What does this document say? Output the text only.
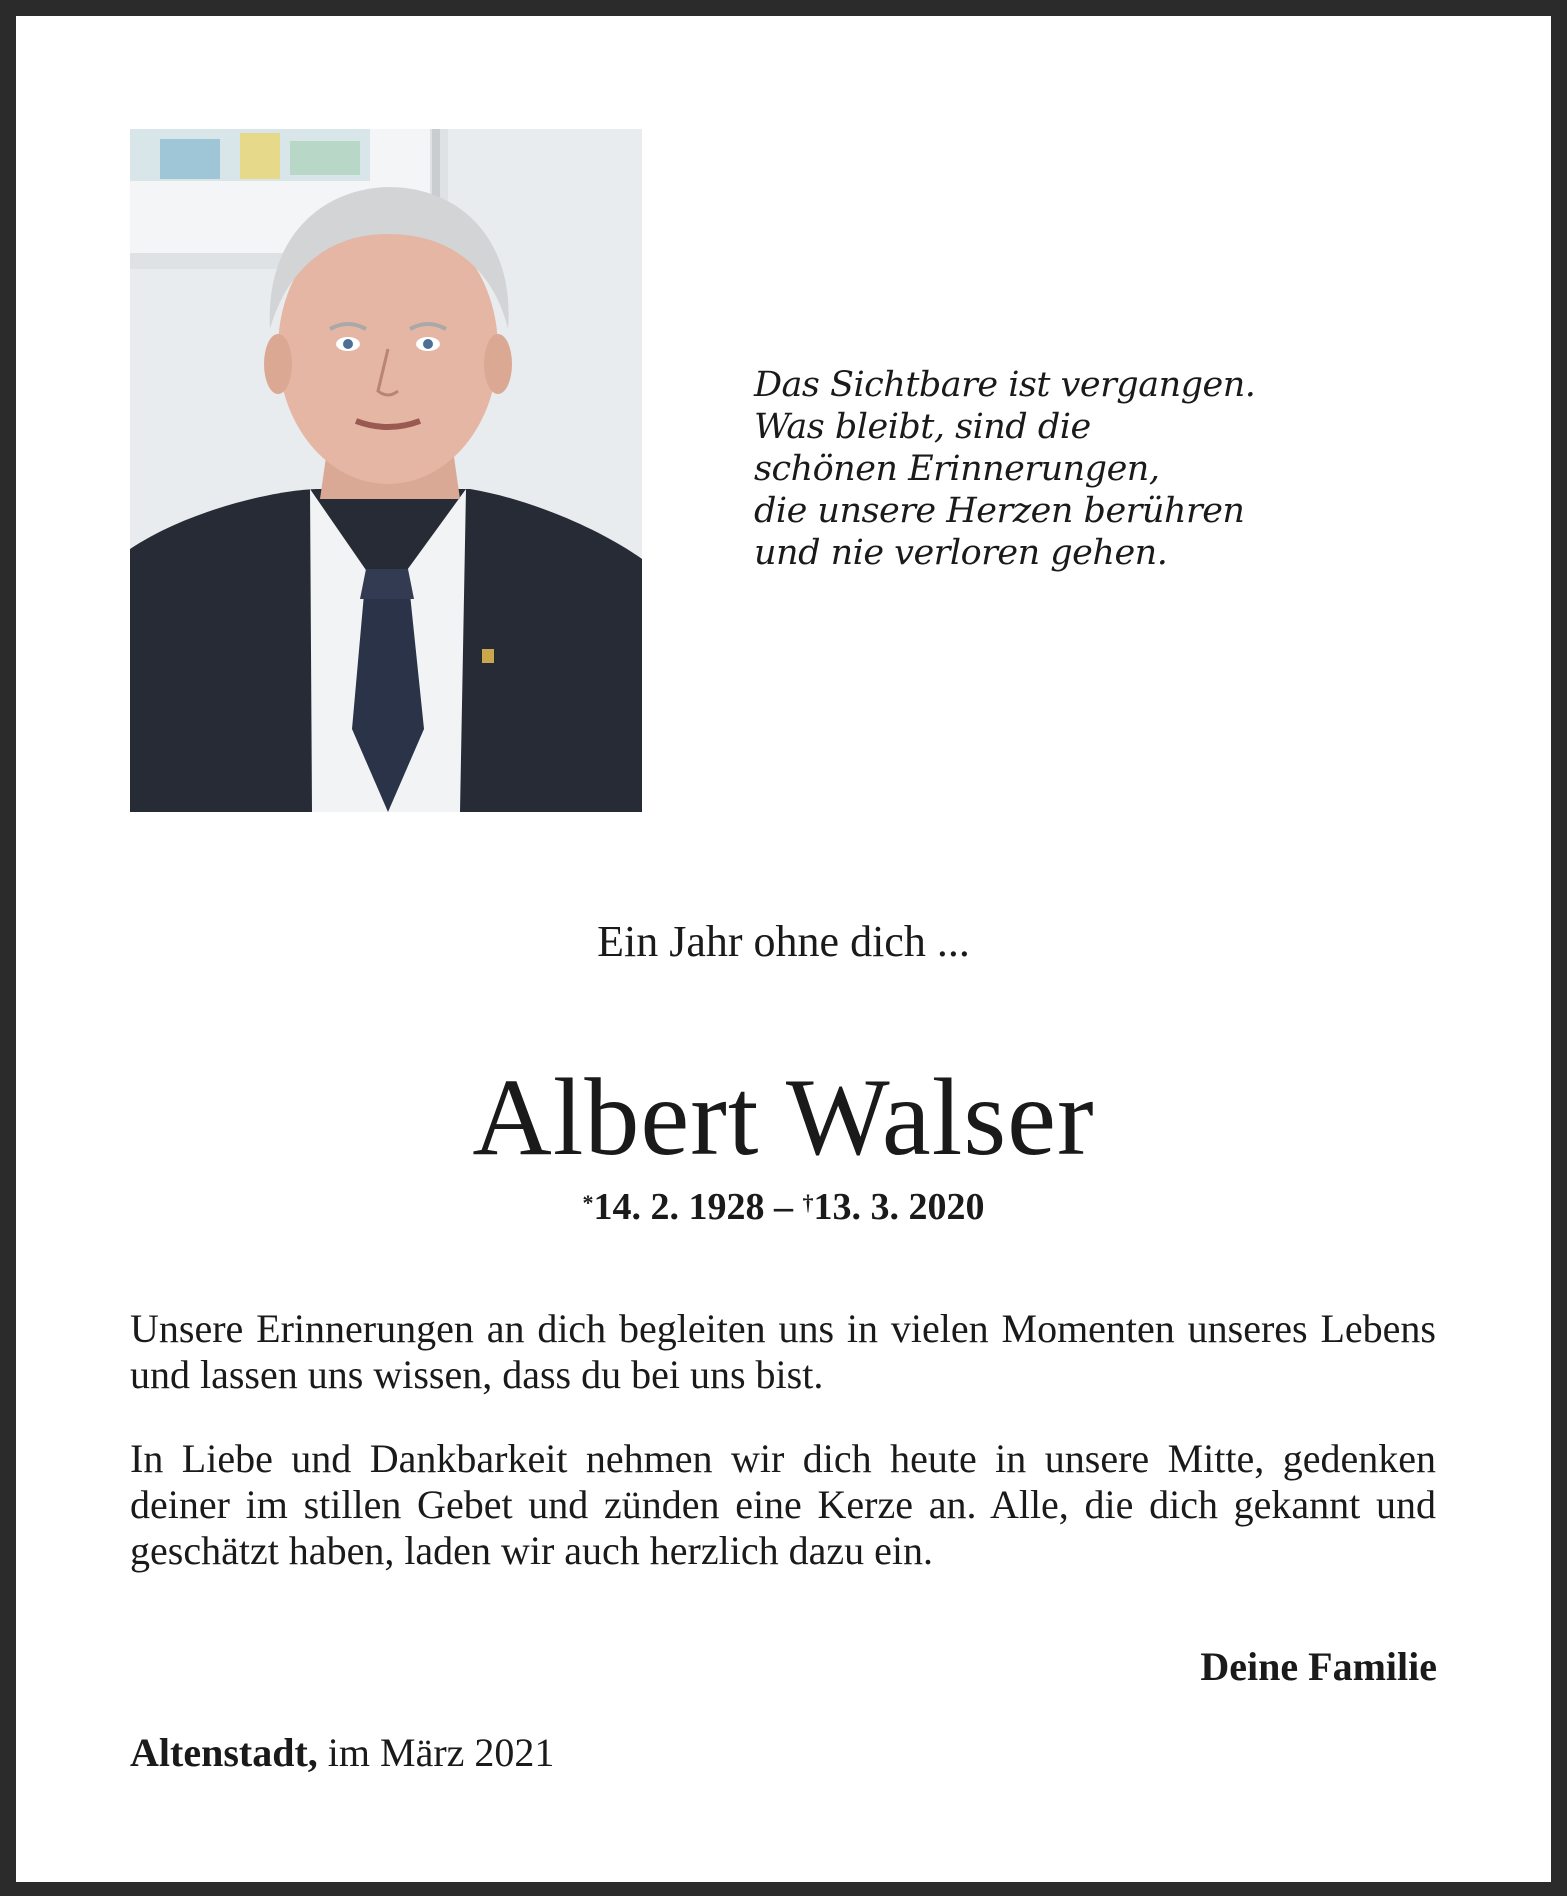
Das Sichtbare ist vergangen.
Was bleibt, sind die
schönen Erinnerungen,
die unsere Herzen berühren
und nie verloren gehen.
Ein Jahr ohne dich ...
Albert Walser
*14. 2. 1928 – †13. 3. 2020
Unsere Erinnerungen an dich begleiten uns in vielen Momenten unseres Lebens und lassen uns wissen, dass du bei uns bist.
In Liebe und Dankbarkeit nehmen wir dich heute in unsere Mitte, gedenken deiner im stillen Gebet und zünden eine Kerze an. Alle, die dich gekannt und geschätzt haben, laden wir auch herzlich dazu ein.
Deine Familie
Altenstadt, im März 2021
